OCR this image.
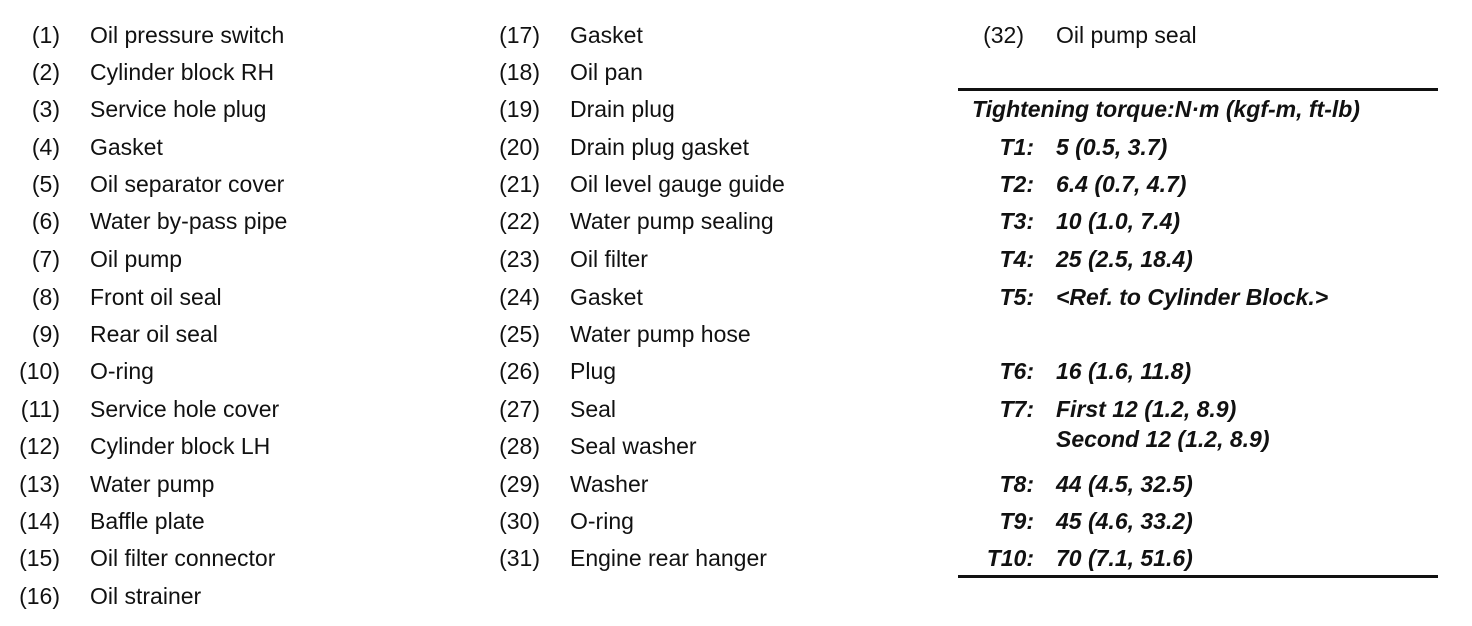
(1) Oil pressure switch
(2) Cylinder block RH
(3) Service hole plug
(4) Gasket
(5) Oil separator cover
(6) Water by-pass pipe
(7) Oil pump
(8) Front oil seal
(9) Rear oil seal
(10) O-ring
(11) Service hole cover
(12) Cylinder block LH
(13) Water pump
(14) Baffle plate
(15) Oil filter connector
(16) Oil strainer
(17) Gasket
(18) Oil pan
(19) Drain plug
(20) Drain plug gasket
(21) Oil level gauge guide
(22) Water pump sealing
(23) Oil filter
(24) Gasket
(25) Water pump hose
(26) Plug
(27) Seal
(28) Seal washer
(29) Washer
(30) O-ring
(31) Engine rear hanger
(32) Oil pump seal
Tightening torque:N·m (kgf-m, ft-lb)
T1: 5 (0.5, 3.7)
T2: 6.4 (0.7, 4.7)
T3: 10 (1.0, 7.4)
T4: 25 (2.5, 18.4)
T5: <Ref. to Cylinder Block.>
T6: 16 (1.6, 11.8)
T7: First 12 (1.2, 8.9)
Second 12 (1.2, 8.9)
T8: 44 (4.5, 32.5)
T9: 45 (4.6, 33.2)
T10: 70 (7.1, 51.6)
